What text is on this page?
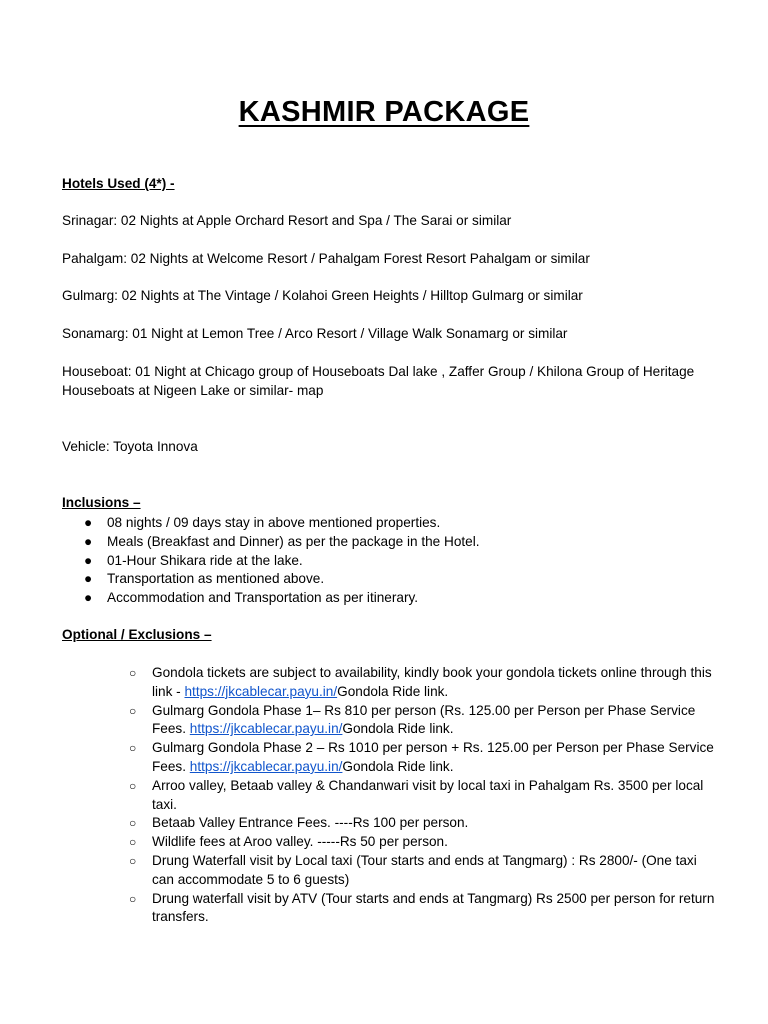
KASHMIR PACKAGE
Hotels Used (4*) -
Srinagar: 02 Nights at Apple Orchard Resort and Spa / The Sarai or similar
Pahalgam: 02 Nights at Welcome Resort / Pahalgam Forest Resort Pahalgam or similar
Gulmarg: 02 Nights at The Vintage / Kolahoi Green Heights / Hilltop Gulmarg or similar
Sonamarg: 01 Night at Lemon Tree / Arco Resort / Village Walk Sonamarg or similar
Houseboat: 01 Night at Chicago group of Houseboats Dal lake , Zaffer Group / Khilona Group of Heritage
Houseboats at Nigeen Lake or similar- map
Vehicle: Toyota Innova
Inclusions –
● 08 nights / 09 days stay in above mentioned properties.
● Meals (Breakfast and Dinner) as per the package in the Hotel.
● 01-Hour Shikara ride at the lake.
● Transportation as mentioned above.
● Accommodation and Transportation as per itinerary.
Optional / Exclusions –
○ Gondola tickets are subject to availability, kindly book your gondola tickets online through this link - https://jkcablecar.payu.in/Gondola Ride link.
○ Gulmarg Gondola Phase 1– Rs 810 per person (Rs. 125.00 per Person per Phase Service Fees. https://jkcablecar.payu.in/Gondola Ride link.
○ Gulmarg Gondola Phase 2 – Rs 1010 per person + Rs. 125.00 per Person per Phase Service Fees. https://jkcablecar.payu.in/Gondola Ride link.
○ Arroo valley, Betaab valley & Chandanwari visit by local taxi in Pahalgam Rs. 3500 per local taxi.
○ Betaab Valley Entrance Fees. ----Rs 100 per person.
○ Wildlife fees at Aroo valley. -----Rs 50 per person.
○ Drung Waterfall visit by Local taxi (Tour starts and ends at Tangmarg) : Rs 2800/- (One taxi can accommodate 5 to 6 guests)
○ Drung waterfall visit by ATV (Tour starts and ends at Tangmarg) Rs 2500 per person for return transfers.
